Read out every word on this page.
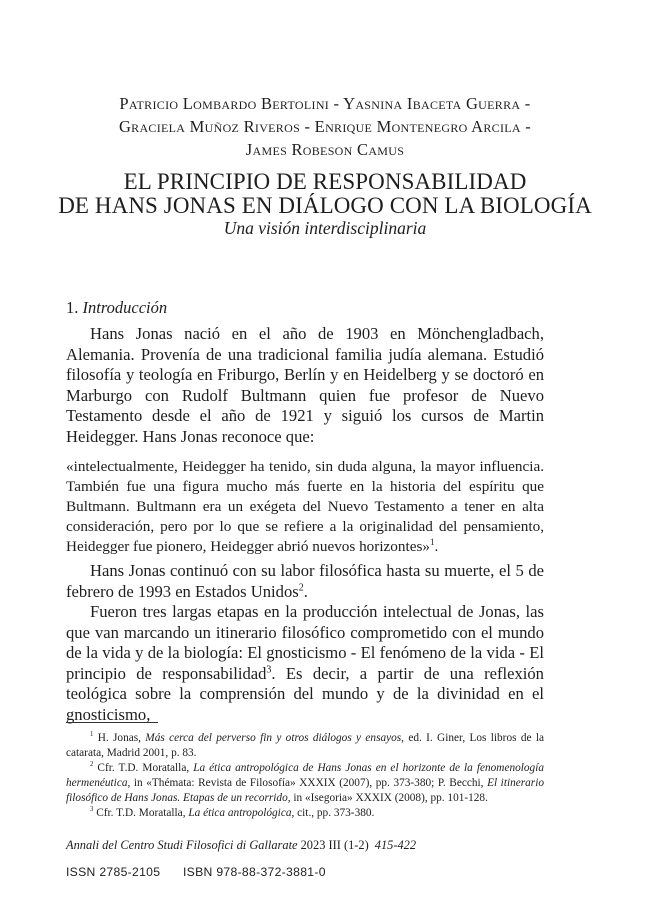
Patricio Lombardo Bertolini - Yasnina Ibaceta Guerra -
Graciela Muñoz Riveros - Enrique Montenegro Arcila -
James Robeson Camus
EL PRINCIPIO DE RESPONSABILIDAD
DE HANS JONAS EN DIÁLOGO CON LA BIOLOGÍA
Una visión interdisciplinaria
1. Introducción

Hans Jonas nació en el año de 1903 en Mönchengladbach, Alemania. Provenía de una tradicional familia judía alemana. Estudió filosofía y teología en Friburgo, Berlín y en Heidelberg y se doctoró en Marburgo con Rudolf Bultmann quien fue profesor de Nuevo Testamento desde el año de 1921 y siguió los cursos de Martin Heidegger. Hans Jonas reconoce que:

«intelectualmente, Heidegger ha tenido, sin duda alguna, la mayor influencia. También fue una figura mucho más fuerte en la historia del espíritu que Bultmann. Bultmann era un exégeta del Nuevo Testamento a tener en alta consideración, pero por lo que se refiere a la originalidad del pensamiento, Heidegger fue pionero, Heidegger abrió nuevos horizontes»$^1$.

Hans Jonas continuó con su labor filosófica hasta su muerte, el 5 de febrero de 1993 en Estados Unidos$^2$.

Fueron tres largas etapas en la producción intelectual de Jonas, las que van marcando un itinerario filosófico comprometido con el mundo de la vida y de la biología: El gnosticismo - El fenómeno de la vida - El principio de responsabilidad$^3$. Es decir, a partir de una reflexión teológica sobre la comprensión del mundo y de la divinidad en el gnosticismo,

$^1$ H. Jonas, Más cerca del perverso fin y otros diálogos y ensayos, ed. I. Giner, Los libros de la catarata, Madrid 2001, p. 83.

$^2$ Cfr. T.D. Moratalla, La ética antropológica de Hans Jonas en el horizonte de la fenomenología hermenéutica, in «Thémata: Revista de Filosofía» XXXIX (2007), pp. 373-380; P. Becchi, El itinerario filosófico de Hans Jonas. Etapas de un recorrido, in «Isegoria» XXXIX (2008), pp. 101-128.

$^3$ Cfr. T.D. Moratalla, La ética antropológica, cit., pp. 373-380.

Annali del Centro Studi Filosofici di Gallarate 2023 III (1-2) 415-422
ISSN 2785-2105 ISBN 978-88-372-3881-0
